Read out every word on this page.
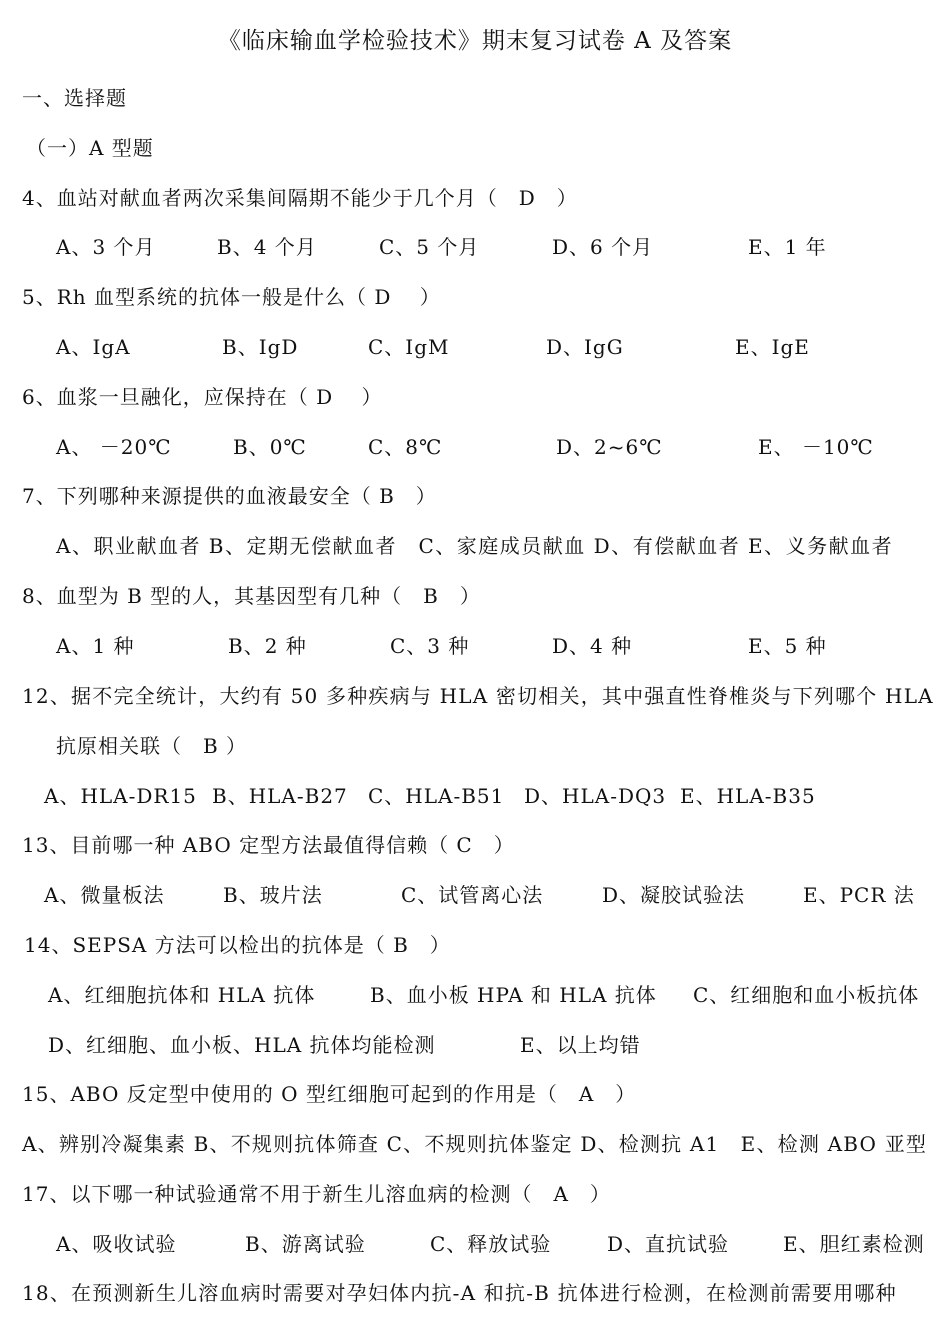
《临床输血学检验技术》期末复习试卷 A 及答案
一、选择题
（一）A 型题
4、血站对献血者两次采集间隔期不能少于几个月（　D　）
A、3 个月	B、4 个月	C、5 个月	D、6 个月	E、1 年
5、Rh 血型系统的抗体一般是什么（ D　 ）
A、IgA	B、IgD	C、IgM	D、IgG	E、IgE
6、血浆一旦融化，应保持在（ D　 ）
A、 －20℃	B、0℃	C、8℃	D、2~6℃	E、 －10℃
7、下列哪种来源提供的血液最安全（ B　）
A、职业献血者 B、定期无偿献血者　C、家庭成员献血 D、有偿献血者 E、义务献血者
8、血型为 B 型的人，其基因型有几种（　B　）
A、1 种	B、2 种	C、3 种	D、4 种	E、5 种
12、据不完全统计，大约有 50 多种疾病与 HLA 密切相关，其中强直性脊椎炎与下列哪个 HLA
抗原相关联（　B ）
A、HLA-DR15 B、HLA-B27 C、HLA-B51 D、HLA-DQ3 E、HLA-B35
13、目前哪一种 ABO 定型方法最值得信赖（ C　）
A、微量板法	B、玻片法	C、试管离心法	D、凝胶试验法	E、PCR 法
14、SEPSA 方法可以检出的抗体是（ B　）
A、红细胞抗体和 HLA 抗体	B、血小板 HPA 和 HLA 抗体 C、红细胞和血小板抗体
D、红细胞、血小板、HLA 抗体均能检测	E、以上均错
15、ABO 反定型中使用的 O 型红细胞可起到的作用是（　A　）
A、辨别冷凝集素 B、不规则抗体筛查 C、不规则抗体鉴定 D、检测抗 A1　E、检测 ABO 亚型
17、以下哪一种试验通常不用于新生儿溶血病的检测（　A　）
A、吸收试验	B、游离试验	C、释放试验	D、直抗试验	E、胆红素检测
18、在预测新生儿溶血病时需要对孕妇体内抗-A 和抗-B 抗体进行检测，在检测前需要用哪种
